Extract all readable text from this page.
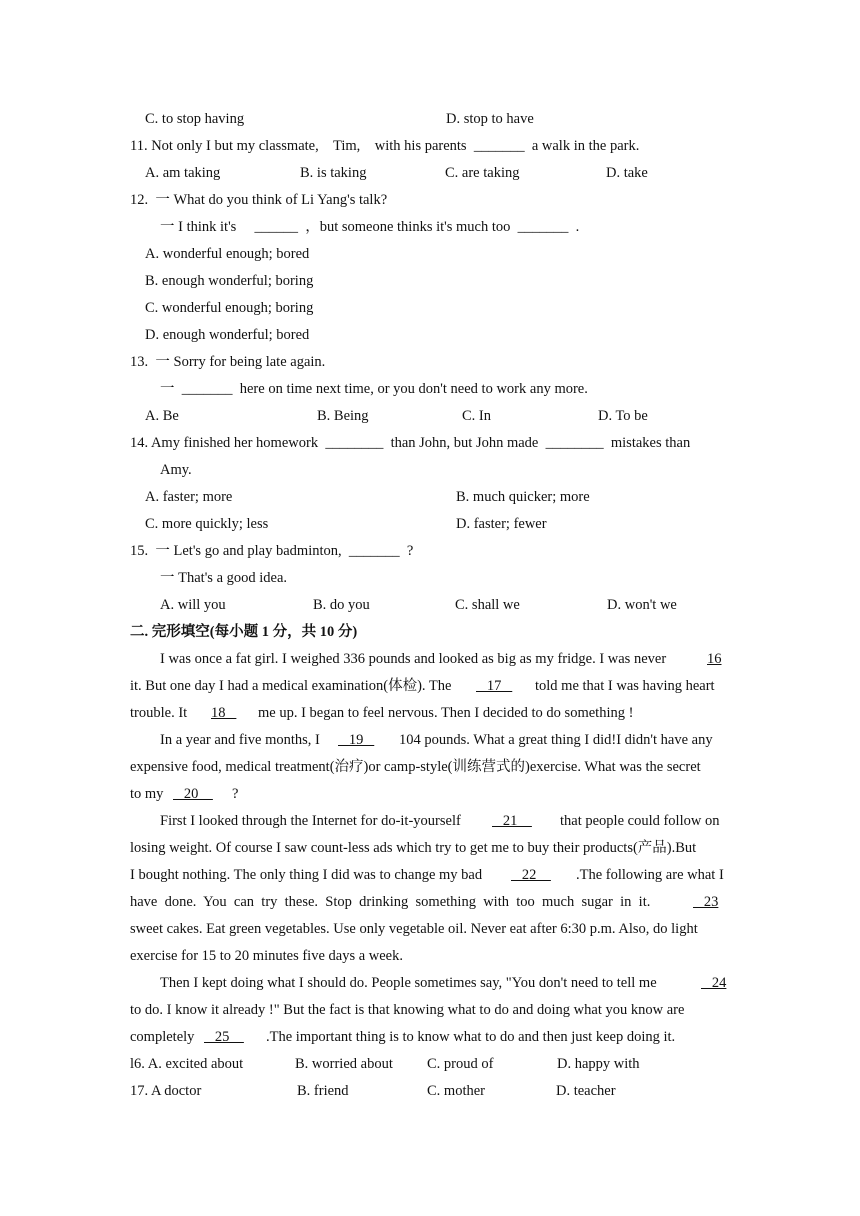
C. to stop having	D. stop to have
11. Not only I but my classmate,    Tim,    with his parents  _______  a walk in the park.
A. am taking	B. is taking	C. are taking	D. take
12.  一 What do you think of Li Yang's talk?
一 I think it's     ______  ，but someone thinks it's much too  _______  .
A. wonderful enough; bored
B. enough wonderful; boring
C. wonderful enough; boring
D. enough wonderful; bored
13.  一 Sorry for being late again.
一  _______  here on time next time, or you don't need to work any more.
A. Be	B. Being	C. In	D. To be
14. Amy finished her homework  ________  than John, but John made  ________  mistakes than
Amy.
A. faster; more	B. much quicker; more
C. more quickly; less	D. faster; fewer
15.  一 Let's go and play badminton,  _______  ?
一 That's a good idea.
A. will you	B. do you	C. shall we	D. won't we
二. 完形填空(每小题 1 分，共 10 分)
I was once a fat girl. I weighed 336 pounds and looked as big as my fridge. I was never	16
it. But one day I had a medical examination(体检). The 17 told me that I was having heart
trouble. It 18 me up. I began to feel nervous. Then I decided to do something !
In a year and five months, I 19 104 pounds. What a great thing I did!I didn't have any
expensive food, medical treatment(治疗)or camp-style(训练营式的)exercise. What was the secret
to my 20 ?
First I looked through the Internet for do-it-yourself 21 that people could follow on
losing weight. Of course I saw count-less ads which try to get me to buy their products(产品).But
I bought nothing. The only thing I did was to change my bad 22 .The following are what I
have  done.  You  can  try  these.  Stop  drinking  something  with  too  much  sugar  in  it.	23
sweet cakes. Eat green vegetables. Use only vegetable oil. Never eat after 6:30 p.m. Also, do light
exercise for 15 to 20 minutes five days a week.
Then I kept doing what I should do. People sometimes say, "You don't need to tell me	24
to do. I know it already !" But the fact is that knowing what to do and doing what you know are
completely 25 .The important thing is to know what to do and then just keep doing it.
l6. A. excited about	B. worried about C. proud of	D. happy with
17. A doctor	B. friend	C. mother	D. teacher
